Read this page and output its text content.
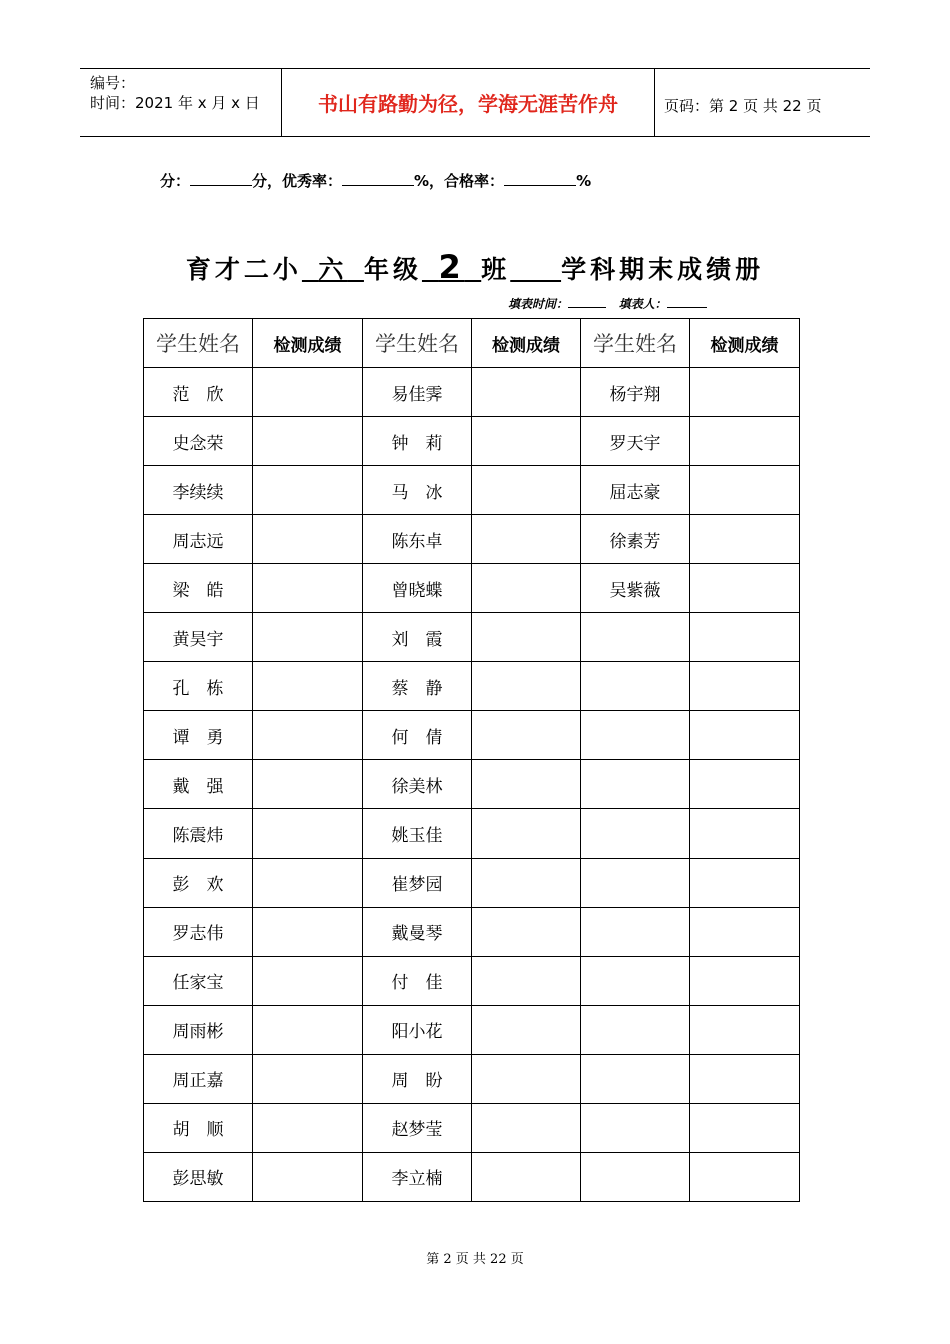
编号：
时间：2021 年 x 月 x 日	书山有路勤为径，学海无涯苦作舟	页码：第 2 页 共 22 页
分：	分，优秀率：	%，合格率：	%
育才二小  六  年级  2  班 学科期末成绩册
填表时间：	填表人：
学生姓名	检测成绩	学生姓名	检测成绩	学生姓名	检测成绩
范　欣		易佳霁		杨宇翔	
史念荣		钟　莉		罗天宇	
李续续		马　冰		屈志豪	
周志远		陈东卓		徐素芳	
梁　皓		曾晓蝶		吴紫薇	
黄昊宇		刘　霞			
孔　栋		蔡　静			
谭　勇		何　倩			
戴　强		徐美林			
陈震炜		姚玉佳			
彭　欢		崔梦园			
罗志伟		戴曼琴			
任家宝		付　佳			
周雨彬		阳小花			
周正嘉		周　盼			
胡　顺		赵梦莹			
彭思敏		李立楠			
第 2 页 共 22 页
